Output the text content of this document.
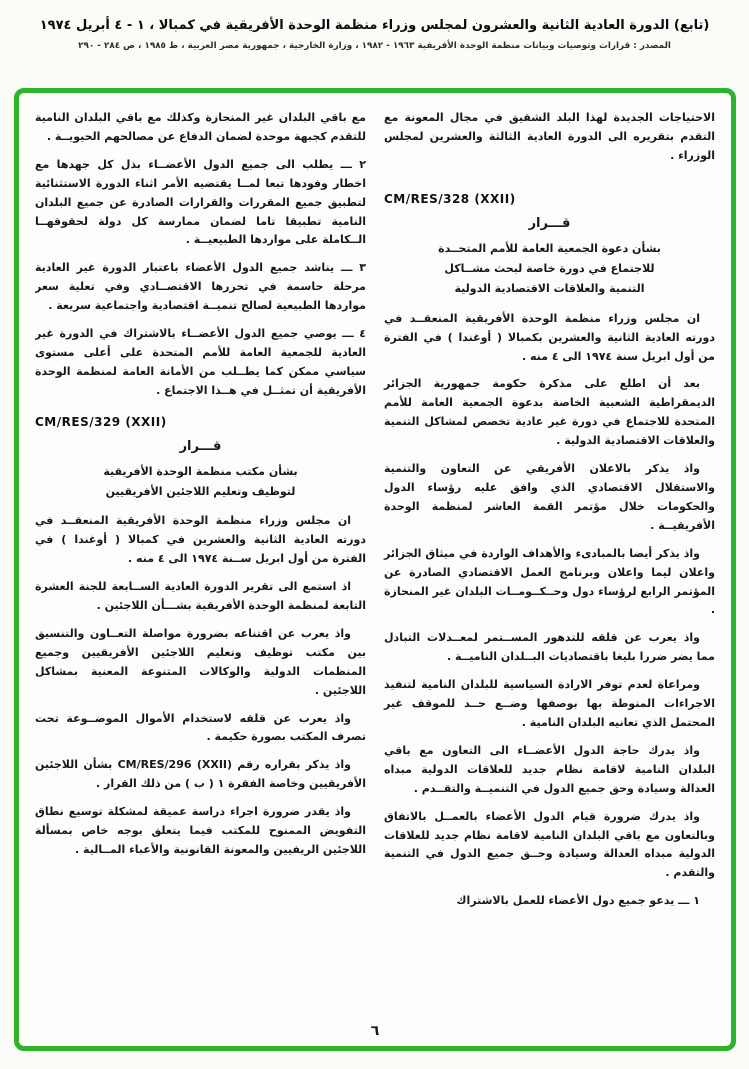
(تابع) الدورة العادية الثانية والعشرون لمجلس وزراء منظمة الوحدة الأفريقية في كمبالا ، ١ - ٤ أبريل ١٩٧٤
المصدر : قرارات وتوصيات وبيانات منظمة الوحدة الأفريقية ١٩٦٣ - ١٩٨٢ ، وزارة الخارجية ، جمهورية مصر العربية ، ط ١٩٨٥ ، ص ٢٨٤ - ٢٩٠

الاحتياجات الجديدة لهذا البلد الشقيق في مجال المعونة مع التقدم بتقريره الى الدورة العادية الثالثة والعشرين لمجلس الوزراء .

CM/RES/328 (XXII)
قـــرار
بشأن دعوة الجمعية العامة للأمم المتحــدة
للاجتماع في دورة خاصة لبحث مشــاكل
التنمية والعلاقات الاقتصادية الدولية

ان مجلس وزراء منظمة الوحدة الأفريقية المنعقــد في دورته العادية الثانية والعشرين بكمبالا ( أوغندا ) في الفترة من أول ابريل سنة ١٩٧٤ الى ٤ منه .

بعد أن اطلع على مذكرة حكومة جمهورية الجزائر الديمقراطية الشعبية الخاصة بدعوة الجمعية العامة للأمم المتحدة للاجتماع في دورة غير عادية تخصص لمشاكل التنمية والعلاقات الاقتصادية الدولية .

واذ يذكر بالاعلان الأفريقي عن التعاون والتنمية والاستقلال الاقتصادي الذي وافق عليه رؤساء الدول والحكومات خلال مؤتمر القمة العاشر لمنظمة الوحدة الأفريقيــة .

واذ يذكر أيضا بالمبادىء والأهداف الواردة في ميثاق الجزائر واعلان ليما واعلان وبرنامج العمل الاقتصادي الصادرة عن المؤتمر الرابع لرؤساء دول وحــكــومــات البلدان غير المنحازة .

واذ يعرب عن قلقه للتدهور المســتمر لمعــدلات التبادل مما يضر ضررا بليغا باقتصاديات البــلدان الناميــة .

ومراعاة لعدم توفر الارادة السياسية للبلدان النامية لتنفيذ الاجراءات المنوطة بها بوصفها وضــع حــد للموقف غير المحتمل الذي تعانيه البلدان النامية .

واذ يدرك حاجة الدول الأعضــاء الى التعاون مع باقي البلدان النامية لاقامة نظام جديد للعلاقات الدولية مبداه العدالة وسيادة وحق جميع الدول في التنميــة والتقــدم .

واذ يدرك ضرورة قيام الدول الأعضاء بالعمــل بالاتفاق وبالتعاون مع باقي البلدان النامية لاقامة نظام جديد للعلاقات الدولية مبداه العدالة وسيادة وحــق جميع الدول في التنمية والتقدم .

١ ـــ يدعو جميع دول الأعضاء للعمل بالاشتراك

مع باقي البلدان غير المنحازة وكذلك مع باقي البلدان النامية للتقدم كجبهة موحدة لضمان الدفاع عن مصالحهم الحيويــة .

٢ ـــ يطلب الى جميع الدول الأعضــاء بذل كل جهدها مع اخطار وفودها تبعا لمــا يقتضيه الأمر اثناء الدورة الاستثنائية لتطبيق جميع المقررات والقرارات الصادرة عن جميع البلدان النامية تطبيقا تاما لضمان ممارسة كل دولة لحقوقهــا الــكاملة على مواردها الطبيعيــة .

٣ ـــ يناشد جميع الدول الأعضاء باعتبار الدورة غير العادية مرحلة حاسمة في تحررها الاقتصــادي وفي تعلية سعر مواردها الطبيعية لصالح تنميــة اقتصادية واجتماعية سريعة .

٤ ـــ يوصي جميع الدول الأعضــاء بالاشتراك في الدورة غير العادية للجمعية العامة للأمم المتحدة على أعلى مستوى سياسي ممكن كما يطــلب من الأمانة العامة لمنظمة الوحدة الأفريقية أن تمثــل في هــذا الاجتماع .

CM/RES/329 (XXII)
قـــرار
بشأن مكتب منظمة الوحدة الأفريقية
لتوظيف وتعليم اللاجئين الأفريقيين

ان مجلس وزراء منظمة الوحدة الأفريقية المنعقــد في دورته العادية الثانية والعشرين في كمبالا ( أوغندا ) في الفترة من أول ابريل ســنة ١٩٧٤ الى ٤ منه .

اذ استمع الى تقرير الدورة العادية الســابعة للجنة العشرة التابعة لمنظمة الوحدة الأفريقية بشـــأن اللاجئين .

واذ يعرب عن اقتناعه بضرورة مواصلة التعــاون والتنسيق بين مكتب توظيف وتعليم اللاجئين الأفريقيين وجميع المنظمات الدولية والوكالات المتنوعة المعنية بمشاكل اللاجئين .

واذ يعرب عن قلقه لاستخدام الأموال الموضــوعة تحت تصرف المكتب بصورة حكيمة .

واذ يذكر بقراره رقم CM/RES/296 (XXII) بشأن اللاجئين الأفريقيين وخاصة الفقرة ١ ( ب ) من ذلك القرار .

واذ يقدر ضرورة اجراء دراسة عميقة لمشكلة توسيع نطاق التفويض الممنوح للمكتب فيما يتعلق بوجه خاص بمسألة اللاجئين الريفيين والمعونة القانونية والأعباء المــالية .

٦
